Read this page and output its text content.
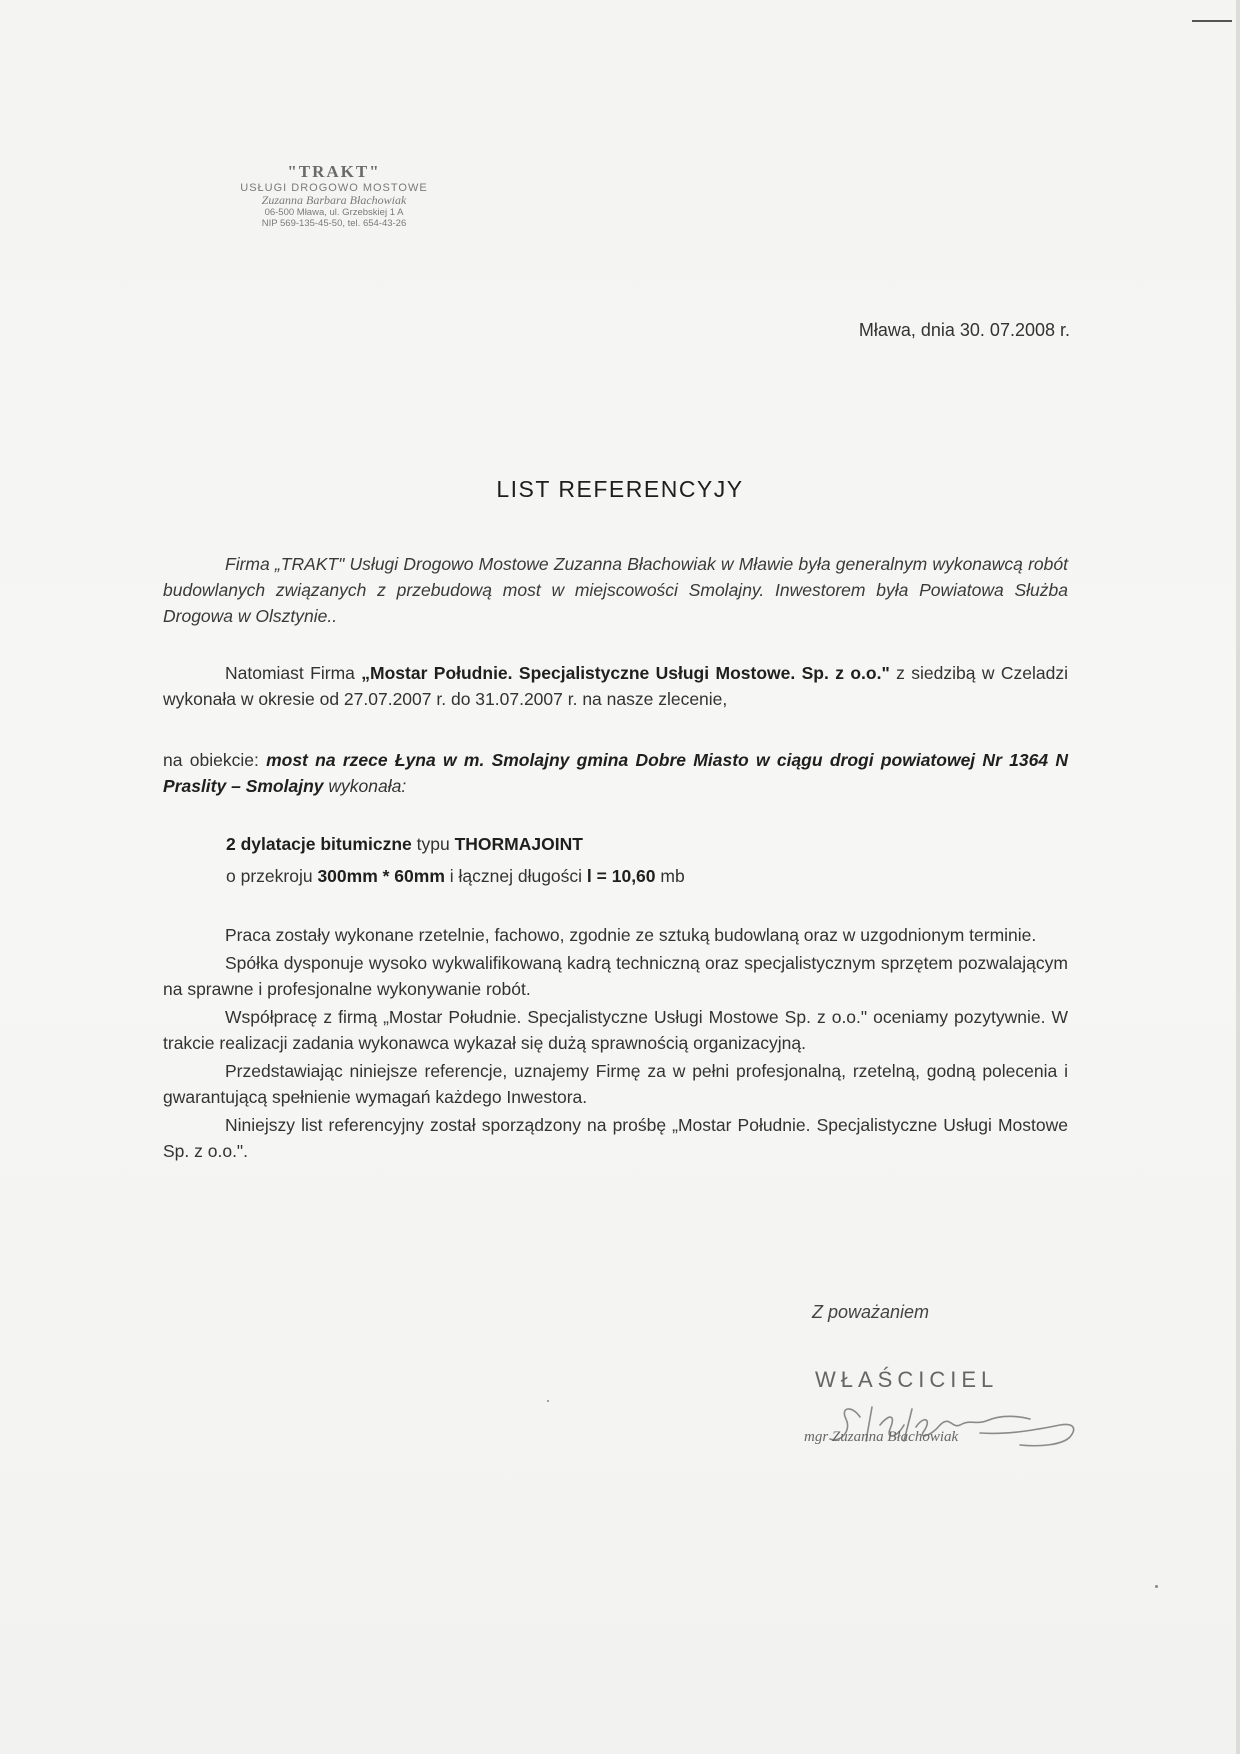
"TRAKT"
USŁUGI DROGOWO MOSTOWE
Zuzanna Barbara Błachowiak
06-500 Mława, ul. Grzebskiej 1 A
NIP 569-135-45-50, tel. 654-43-26
Mława, dnia 30. 07.2008 r.
LIST REFERENCYJY
Firma „TRAKT" Usługi Drogowo Mostowe Zuzanna Błachowiak w Mławie była generalnym wykonawcą robót budowlanych związanych z przebudową most w miejscowości Smolajny. Inwestorem była Powiatowa Służba Drogowa w Olsztynie..
Natomiast Firma „Mostar Południe. Specjalistyczne Usługi Mostowe. Sp. z o.o." z siedzibą w Czeladzi wykonała w okresie od 27.07.2007 r. do 31.07.2007 r. na nasze zlecenie,
na obiekcie: most na rzece Łyna w m. Smolajny gmina Dobre Miasto w ciągu drogi powiatowej Nr 1364 N Praslity – Smolajny wykonała:
2 dylatacje bitumiczne typu THORMAJOINT
o przekroju 300mm * 60mm i łącznej długości l = 10,60 mb
Praca zostały wykonane rzetelnie, fachowo, zgodnie ze sztuką budowlaną oraz w uzgodnionym terminie.
Spółka dysponuje wysoko wykwalifikowaną kadrą techniczną oraz specjalistycznym sprzętem pozwalającym na sprawne i profesjonalne wykonywanie robót.
Współpracę z firmą „Mostar Południe. Specjalistyczne Usługi Mostowe Sp. z o.o." oceniamy pozytywnie. W trakcie realizacji zadania wykonawca wykazał się dużą sprawnością organizacyjną.
Przedstawiając niniejsze referencje, uznajemy Firmę za w pełni profesjonalną, rzetelną, godną polecenia i gwarantującą spełnienie wymagań każdego Inwestora.
Niniejszy list referencyjny został sporządzony na prośbę „Mostar Południe. Specjalistyczne Usługi Mostowe Sp. z o.o.".
Z poważaniem
WŁAŚCICIEL
mgr Zuzanna Błachowiak
